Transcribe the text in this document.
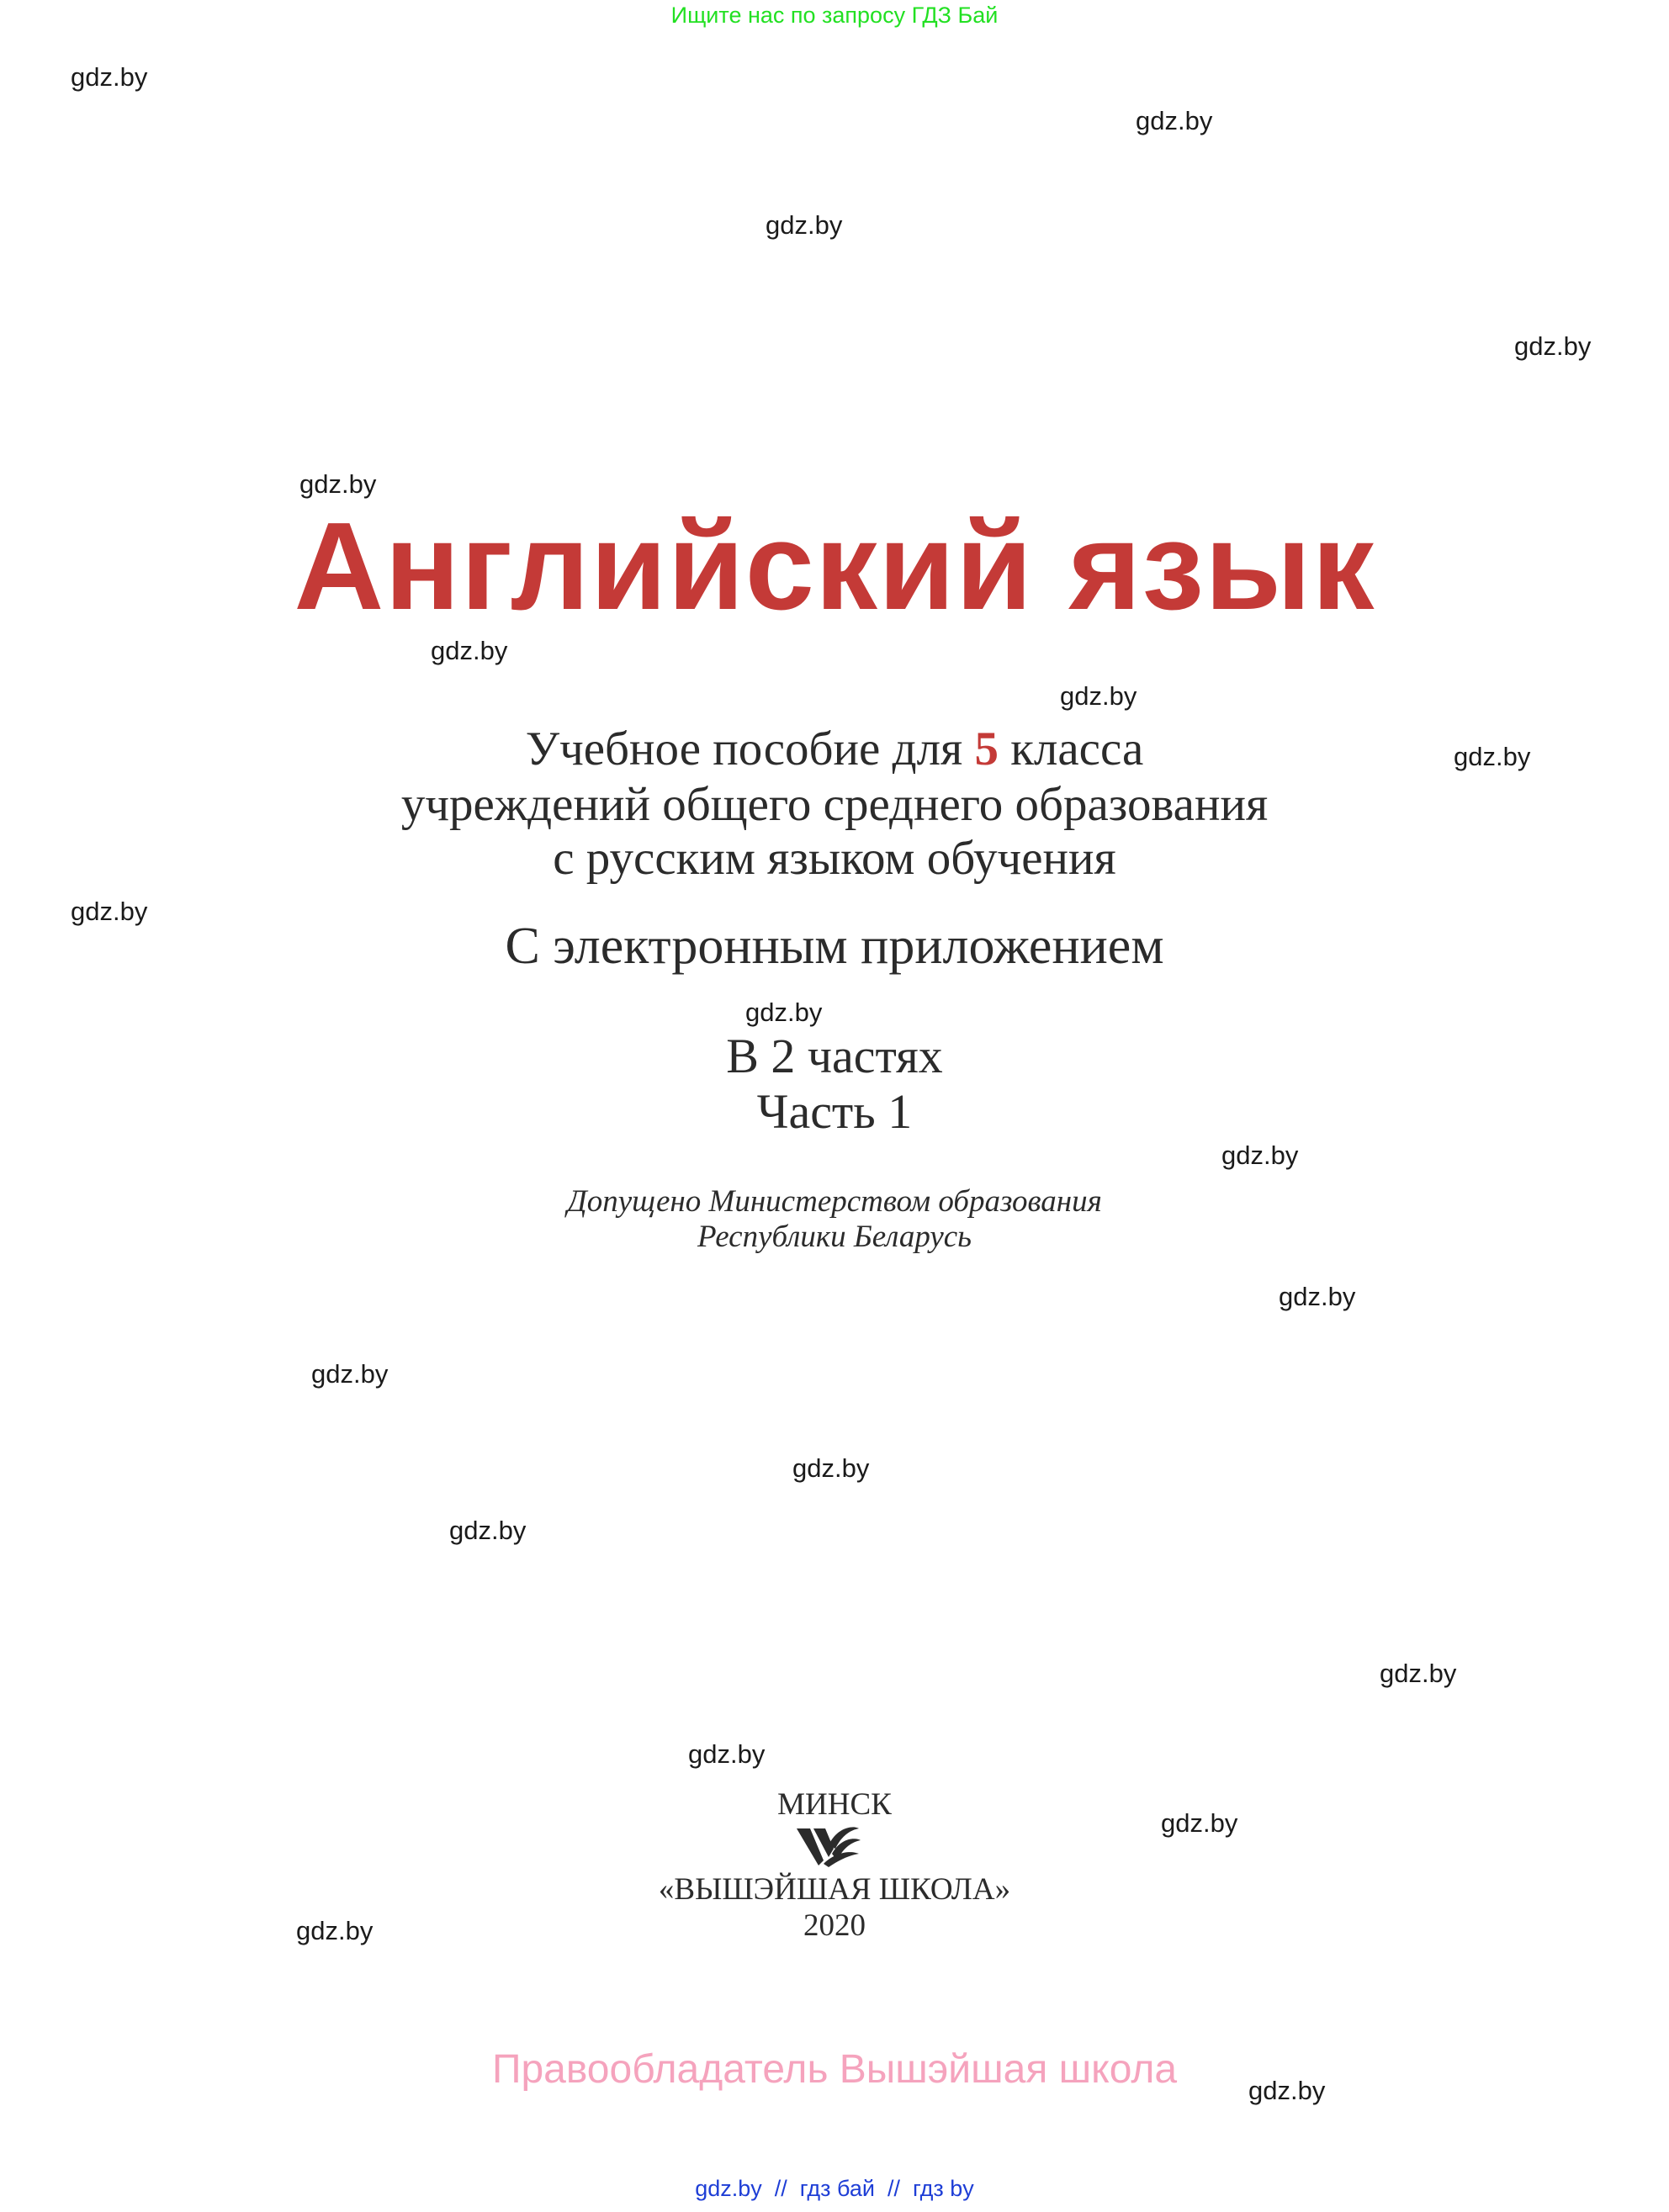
Ищите нас по запросу ГДЗ Бай
gdz.by
gdz.by
gdz.by
gdz.by
gdz.by
gdz.by
gdz.by
gdz.by
gdz.by
gdz.by
gdz.by
gdz.by
gdz.by
gdz.by
gdz.by
gdz.by
gdz.by
gdz.by
gdz.by
gdz.by
Английский язык
Учебное пособие для 5 класса
учреждений общего среднего образования
с русским языком обучения
С электронным приложением
В 2 частях
Часть 1
Допущено Министерством образования
Республики Беларусь
МИНСК
«ВЫШЭЙШАЯ ШКОЛА»
2020
Правообладатель Вышэйшая школа
gdz.by  //  гдз бай  //  гдз by
